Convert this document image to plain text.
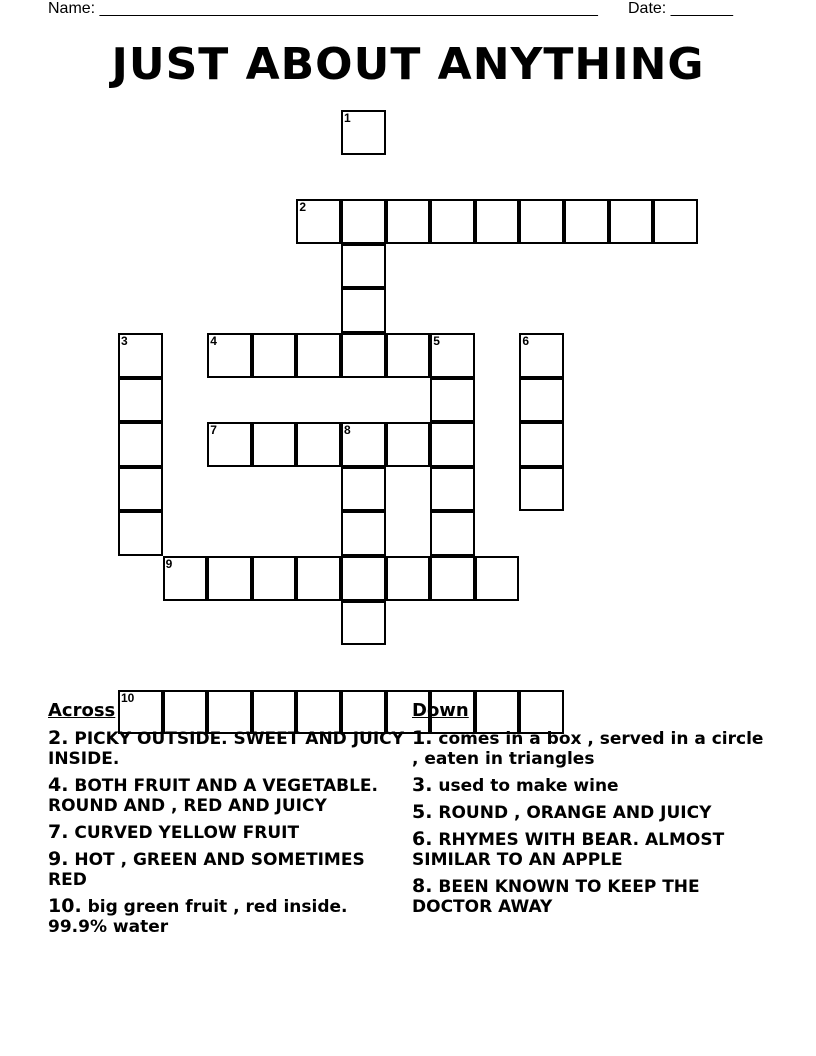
Name: ________________________________________________________ Date: _______
JUST ABOUT ANYTHING
1
2
3	4	5	6
7	8
9
10
Across
2. PICKY OUTSIDE. SWEET AND JUICY INSIDE.
4. BOTH FRUIT AND A VEGETABLE. ROUND AND , RED AND JUICY
7. CURVED YELLOW FRUIT
9. HOT , GREEN AND SOMETIMES RED
10. big green fruit , red inside. 99.9% water
Down
1. comes in a box , served in a circle , eaten in triangles
3. used to make wine
5. ROUND , ORANGE AND JUICY
6. RHYMES WITH BEAR. ALMOST SIMILAR TO AN APPLE
8. BEEN KNOWN TO KEEP THE DOCTOR AWAY
